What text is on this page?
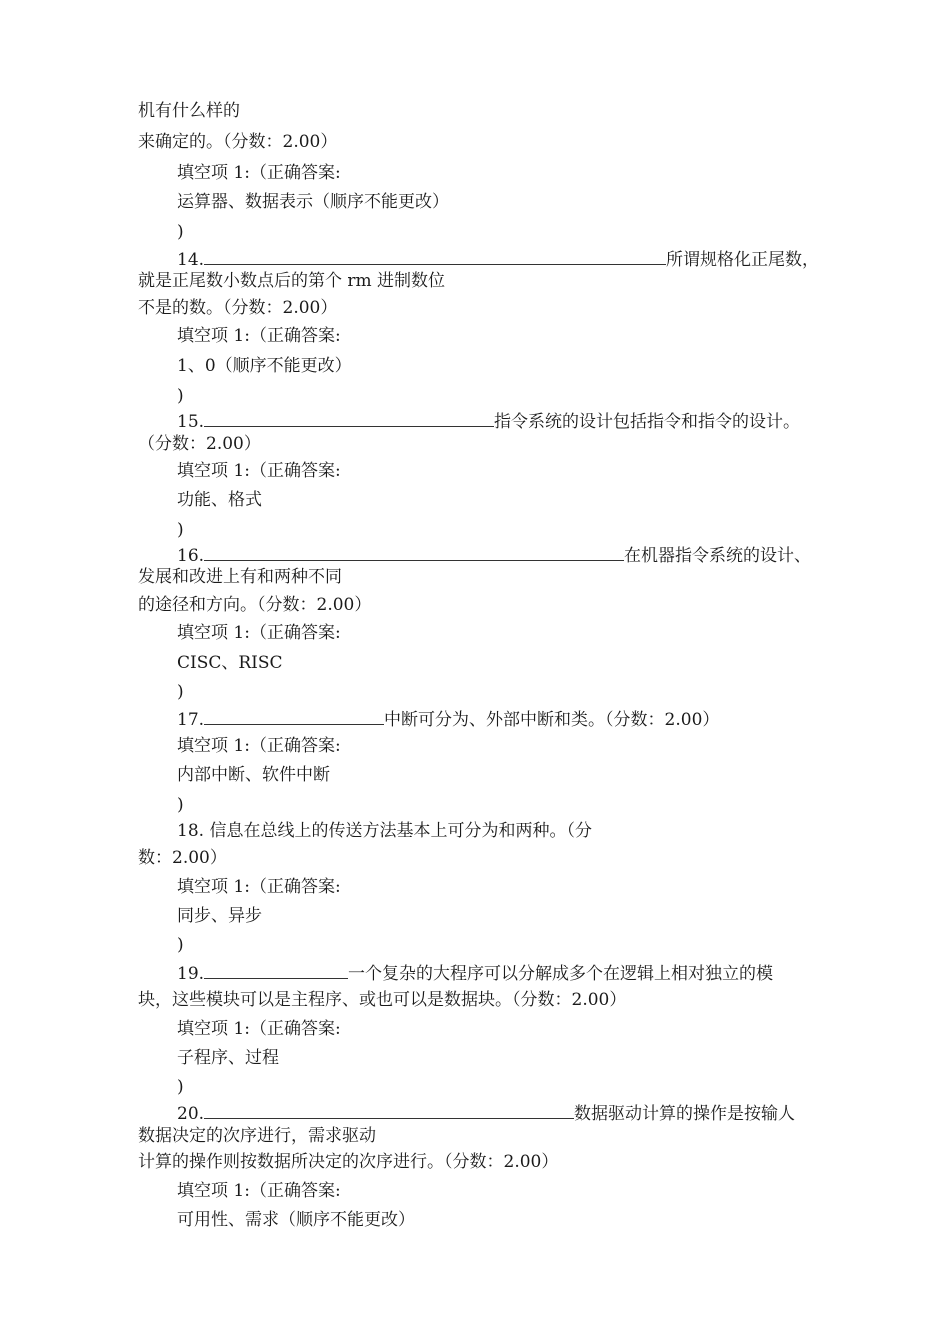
机有什么样的
来确定的。（分数：2.00）
填空项 1:（正确答案:
运算器、数据表示（顺序不能更改）
)
14.	所谓规格化正尾数，
就是正尾数小数点后的第个 rm 进制数位
不是的数。（分数：2.00）
填空项 1:（正确答案:
1、0（顺序不能更改）
)
15.	指令系统的设计包括指令和指令的设计。
（分数：2.00）
填空项 1:（正确答案:
功能、格式
)
16.	在机器指令系统的设计、
发展和改进上有和两种不同
的途径和方向。（分数：2.00）
填空项 1:（正确答案:
CISC、RISC
)
17.	中断可分为、外部中断和类。（分数：2.00）
填空项 1:（正确答案:
内部中断、软件中断
)
18. 信息在总线上的传送方法基本上可分为和两种。（分
数：2.00）
填空项 1:（正确答案:
同步、异步
)
19.	一个复杂的大程序可以分解成多个在逻辑上相对独立的模
块，这些模块可以是主程序、或也可以是数据块。（分数：2.00）
填空项 1:（正确答案:
子程序、过程
)
20.	数据驱动计算的操作是按输人
数据决定的次序进行，需求驱动
计算的操作则按数据所决定的次序进行。（分数：2.00）
填空项 1:（正确答案:
可用性、需求（顺序不能更改）
